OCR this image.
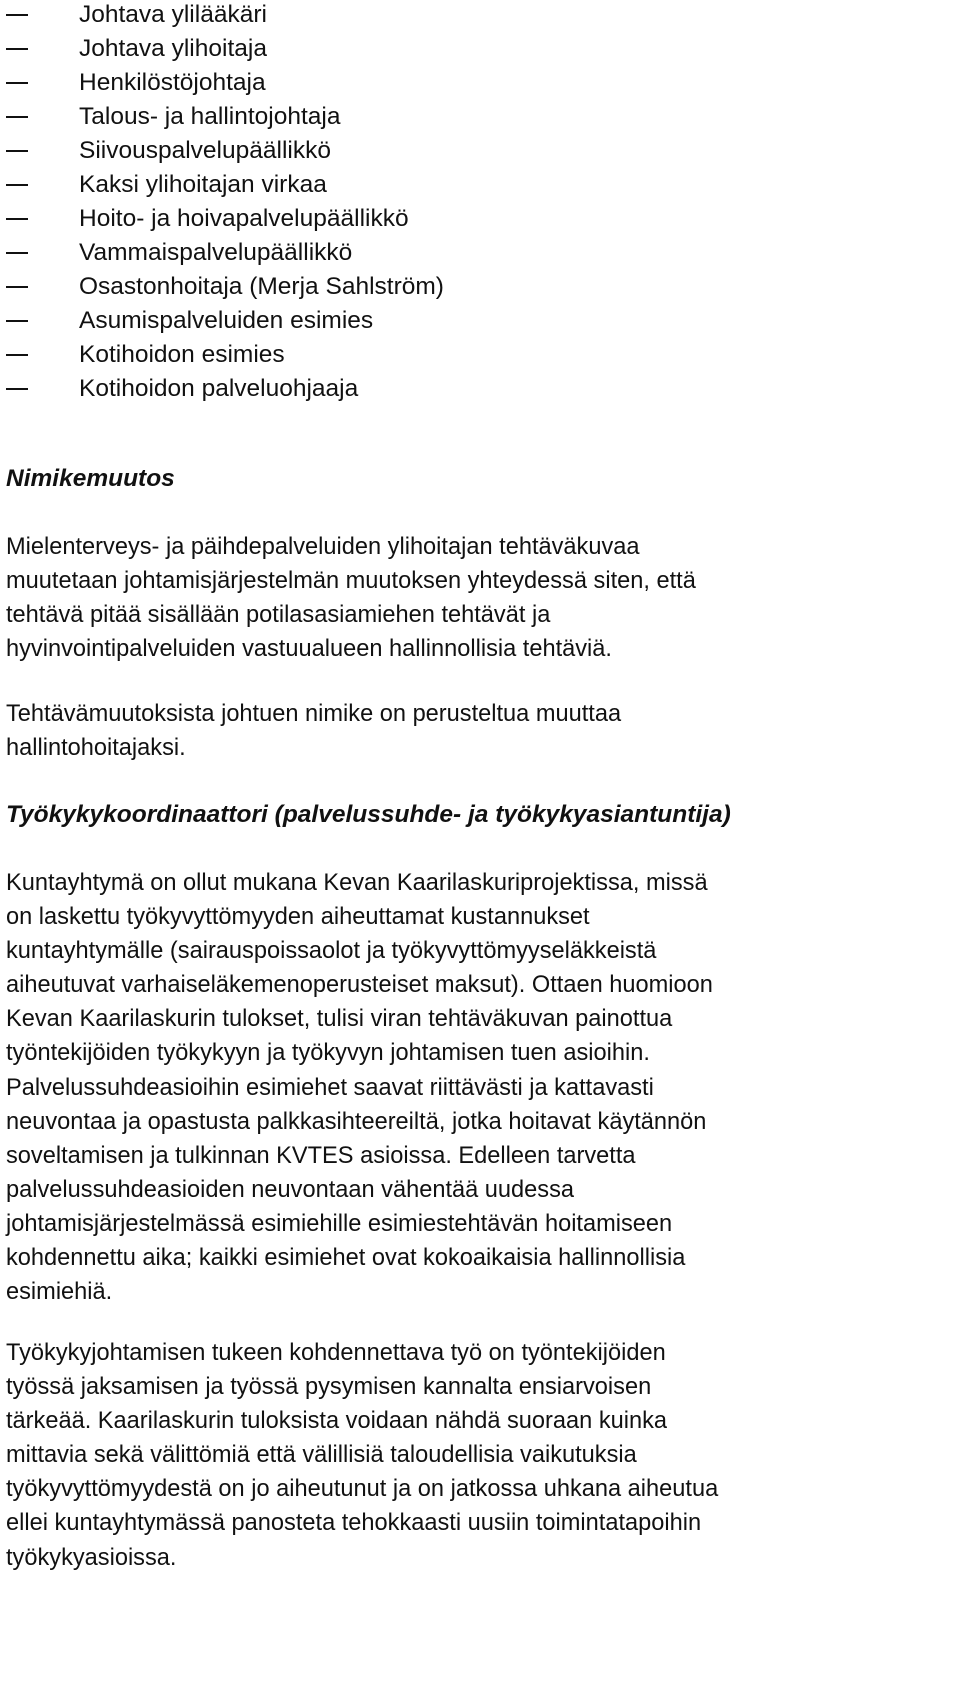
Johtava ylilääkäri
Johtava ylihoitaja
Henkilöstöjohtaja
Talous- ja hallintojohtaja
Siivouspalvelupäällikkö
Kaksi ylihoitajan virkaa
Hoito- ja hoivapalvelupäällikkö
Vammaispalvelupäällikkö
Osastonhoitaja (Merja Sahlström)
Asumispalveluiden esimies
Kotihoidon esimies
Kotihoidon palveluohjaaja
Nimikemuutos

Mielenterveys- ja päihdepalveluiden ylihoitajan tehtäväkuvaa
muutetaan johtamisjärjestelmän muutoksen yhteydessä siten, että
tehtävä pitää sisällään potilasasiamiehen tehtävät ja
hyvinvointipalveluiden vastuualueen hallinnollisia tehtäviä.

Tehtävämuutoksista johtuen nimike on perusteltua muuttaa
hallintohoitajaksi.

Työkykykoordinaattori (palvelussuhde- ja työkykyasiantuntija)

Kuntayhtymä on ollut mukana Kevan Kaarilaskuriprojektissa, missä
on laskettu työkyvyttömyyden aiheuttamat kustannukset
kuntayhtymälle (sairauspoissaolot ja työkyvyttömyyseläkkeistä
aiheutuvat varhaiseläkemenoperusteiset maksut). Ottaen huomioon
Kevan Kaarilaskurin tulokset, tulisi viran tehtäväkuvan painottua
työntekijöiden työkykyyn ja työkyvyn johtamisen tuen asioihin.
Palvelussuhdeasioihin esimiehet saavat riittävästi ja kattavasti
neuvontaa ja opastusta palkkasihteereiltä, jotka hoitavat käytännön
soveltamisen ja tulkinnan KVTES asioissa. Edelleen tarvetta
palvelussuhdeasioiden neuvontaan vähentää uudessa
johtamisjärjestelmässä esimiehille esimiestehtävän hoitamiseen
kohdennettu aika; kaikki esimiehet ovat kokoaikaisia hallinnollisia
esimiehiä.

Työkykyjohtamisen tukeen kohdennettava työ on työntekijöiden
työssä jaksamisen ja työssä pysymisen kannalta ensiarvoisen
tärkeää. Kaarilaskurin tuloksista voidaan nähdä suoraan kuinka
mittavia sekä välittömiä että välillisiä taloudellisia vaikutuksia
työkyvyttömyydestä on jo aiheutunut ja on jatkossa uhkana aiheutua
ellei kuntayhtymässä panosteta tehokkaasti uusiin toimintatapoihin
työkykyasioissa.
